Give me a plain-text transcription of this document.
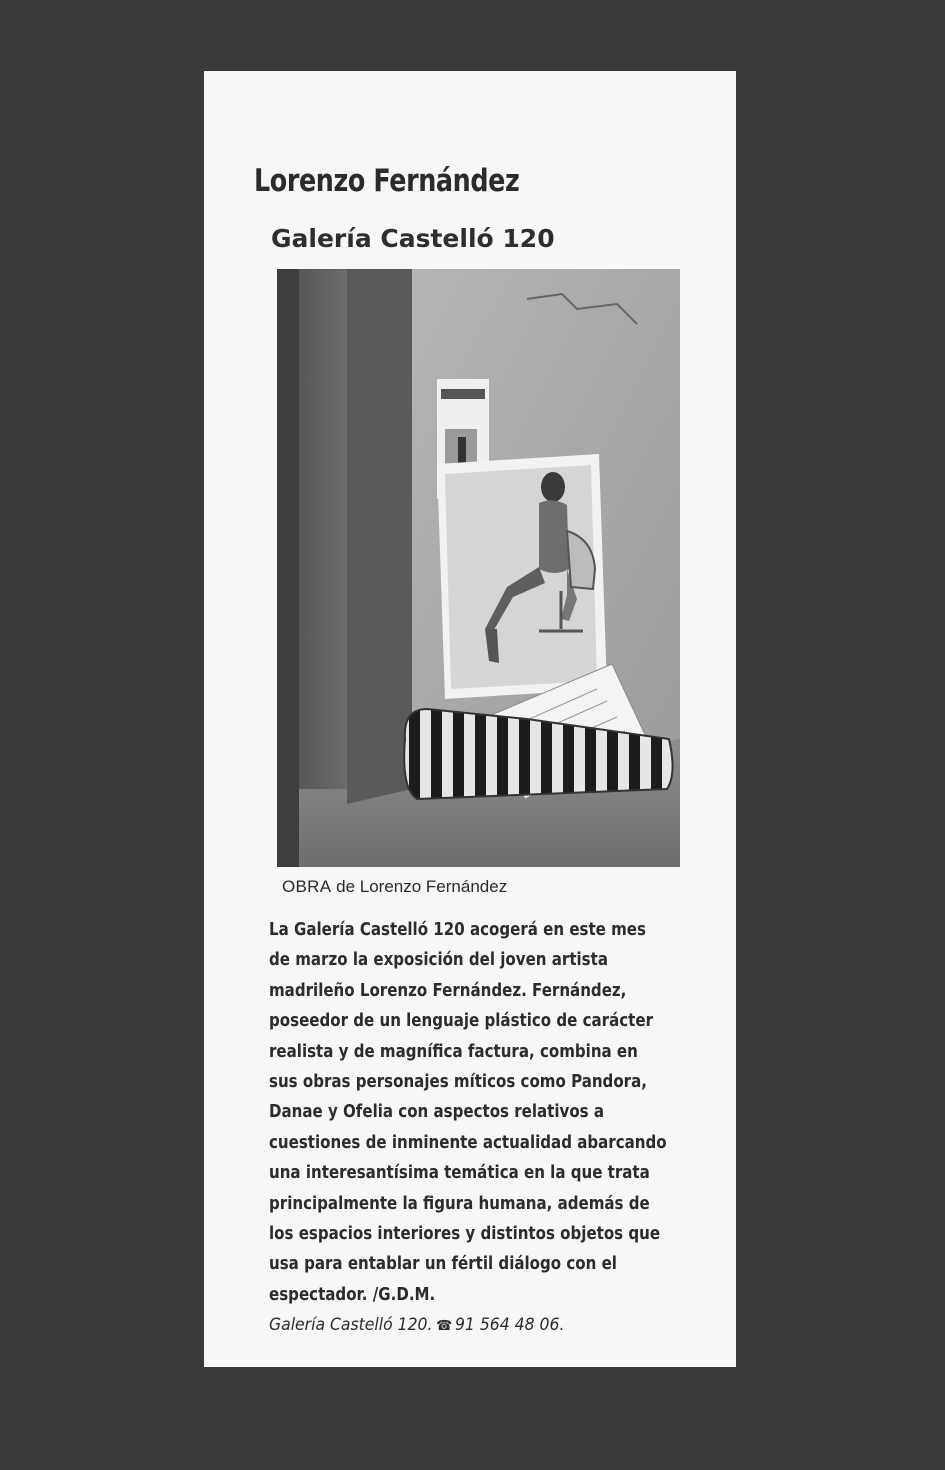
Lorenzo Fernández
Galería Castelló 120
OBRA de Lorenzo Fernández
La Galería Castelló 120 acogerá en este mes
de marzo la exposición del joven artista
madrileño Lorenzo Fernández. Fernández,
poseedor de un lenguaje plástico de carácter
realista y de magnífica factura, combina en
sus obras personajes míticos como Pandora,
Danae y Ofelia con aspectos relativos a
cuestiones de inminente actualidad abarcando
una interesantísima temática en la que trata
principalmente la figura humana, además de
los espacios interiores y distintos objetos que
usa para entablar un fértil diálogo con el
espectador. /G.D.M.
Galería Castelló 120. ☎ 91 564 48 06.
